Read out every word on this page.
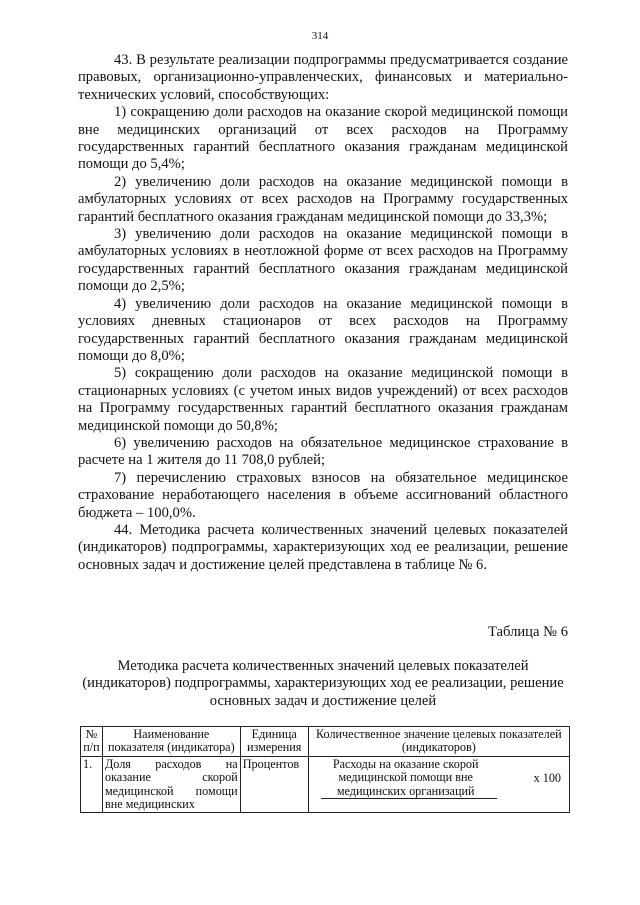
314

43. В результате реализации подпрограммы предусматривается создание правовых, организационно-управленческих, финансовых и материально-технических условий, способствующих:

1) сокращению доли расходов на оказание скорой медицинской помощи вне медицинских организаций от всех расходов на Программу государственных гарантий бесплатного оказания гражданам медицинской помощи до 5,4%;

2) увеличению доли расходов на оказание медицинской помощи в амбулаторных условиях от всех расходов на Программу государственных гарантий бесплатного оказания гражданам медицинской помощи до 33,3%;

3) увеличению доли расходов на оказание медицинской помощи в амбулаторных условиях в неотложной форме от всех расходов на Программу государственных гарантий бесплатного оказания гражданам медицинской помощи до 2,5%;

4) увеличению доли расходов на оказание медицинской помощи в условиях дневных стационаров от всех расходов на Программу государственных гарантий бесплатного оказания гражданам медицинской помощи до 8,0%;

5) сокращению доли расходов на оказание медицинской помощи в стационарных условиях (с учетом иных видов учреждений) от всех расходов на Программу государственных гарантий бесплатного оказания гражданам медицинской помощи до 50,8%;

6) увеличению расходов на обязательное медицинское страхование в расчете на 1 жителя до 11 708,0 рублей;

7) перечислению страховых взносов на обязательное медицинское страхование неработающего населения в объеме ассигнований областного бюджета – 100,0%.

44. Методика расчета количественных значений целевых показателей (индикаторов) подпрограммы, характеризующих ход ее реализации, решение основных задач и достижение целей представлена в таблице № 6.

Таблица № 6
Методика расчета количественных значений целевых показателей (индикаторов) подпрограммы, характеризующих ход ее реализации, решение основных задач и достижение целей
№ п/п	Наименование показателя (индикатора)	Единица измерения	Количественное значение целевых показателей (индикаторов)
1.	Доля расходов на оказание скорой медицинской помощи вне медицинских	Процентов	Расходы на оказание скорой медицинской помощи вне медицинских организаций
х 100
